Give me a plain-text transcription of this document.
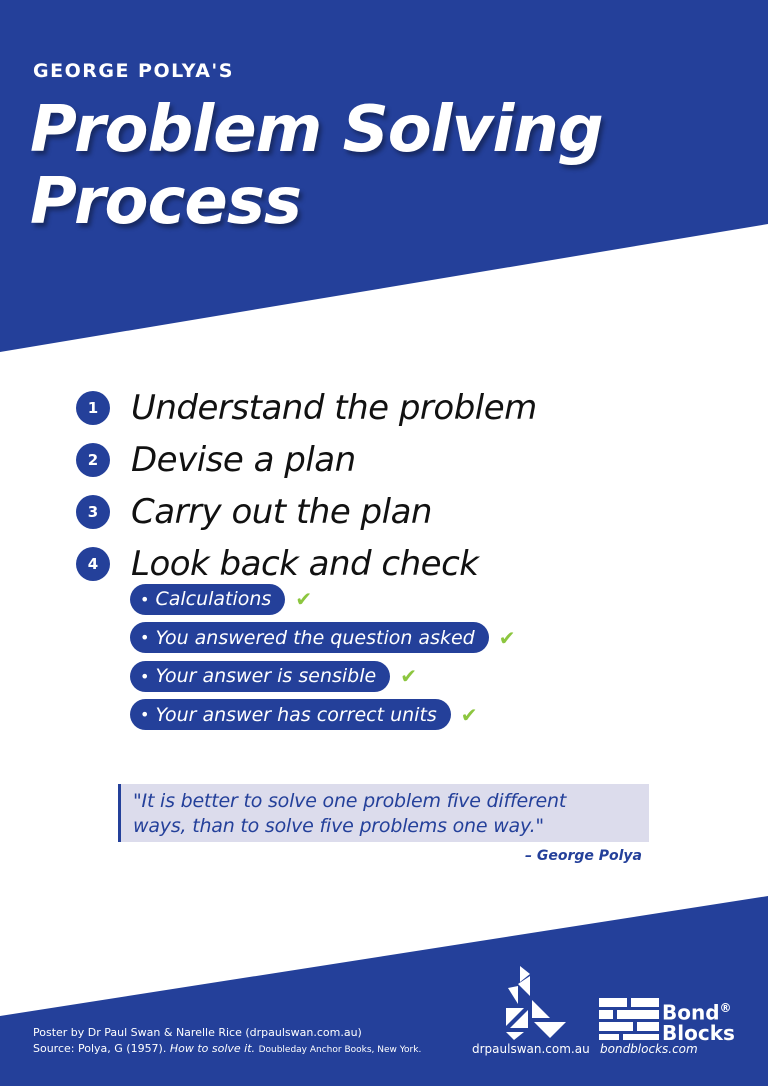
GEORGE POLYA'S

Problem Solving
Process
1 Understand the problem
2 Devise a plan
3 Carry out the plan
4 Look back and check
• Calculations ✔
• You answered the question asked ✔
• Your answer is sensible ✔
• Your answer has correct units ✔

"It is better to solve one problem five different

ways, than to solve five problems one way."

– George Polya

Poster by Dr Paul Swan & Narelle Rice (drpaulswan.com.au)
Source: Polya, G (1957). How to solve it. Doubleday Anchor Books, New York.	drpaulswan.com.au

Bond®
Blocks

bondblocks.com
